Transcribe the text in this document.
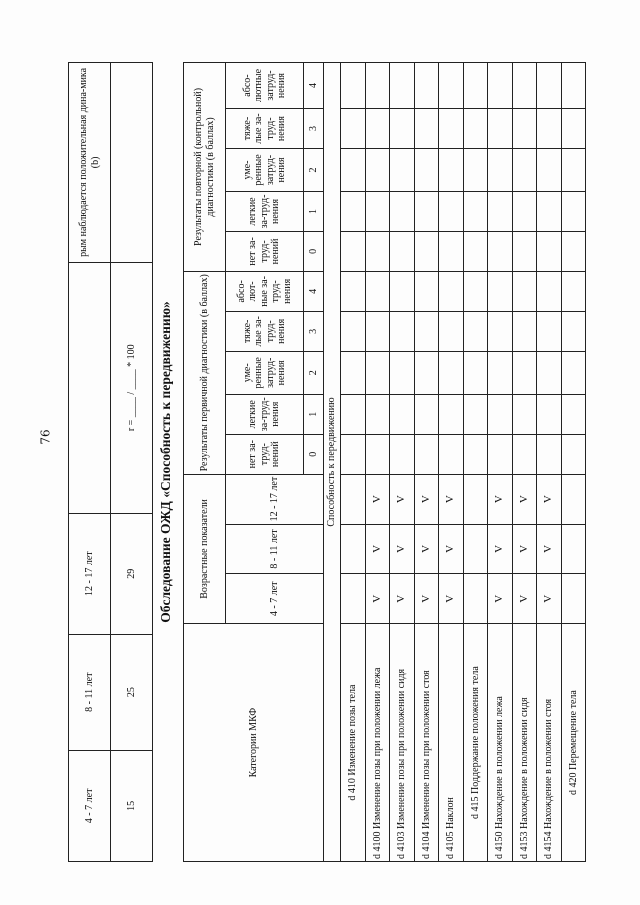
76
4 - 7 лет	8 - 11 лет	12 - 17 лет		рым наблюдается положительная дина-мика (b)
15	25	29	r = ____ / ____ * 100	Обследование ОЖД «Способность к передвижению»
Категории МКФ	Возрастные показатели			Результаты первичной диагностики (в баллах)					Результаты повторной (контрольной) диагностики (в баллах)				
	4 - 7 лет	8 - 11 лет	12 - 17 лет	нет за-труд-нений	легкие за-труд-нения	уме-ренные затруд-нения	тяже-лые за-труд-нения	абсо-лют-ные за-труд-нения	нет за-труд-нений	легкие за-труд-нения	уме-ренные затруд-нения	тяже-лые за-труд-нения	абсо-лютные затруд-нения
				0	1	2	3	4	0	1	2	3	4
Способность к передвижению													
d 410 Изменение позы тела													
d 4100 Изменение позы при положении лежа	V	V	V										
d 4103 Изменение позы при положении сидя	V	V	V										
d 4104 Изменение позы при положении стоя	V	V	V										
d 4105 Наклон	V	V	V										
d 415 Поддержание положения тела													
d 4150 Нахождение в положении лежа	V	V	V										
d 4153 Нахождение в положении сидя	V	V	V										
d 4154 Нахождение в положении стоя	V	V	V										
d 420 Перемещение тела													
